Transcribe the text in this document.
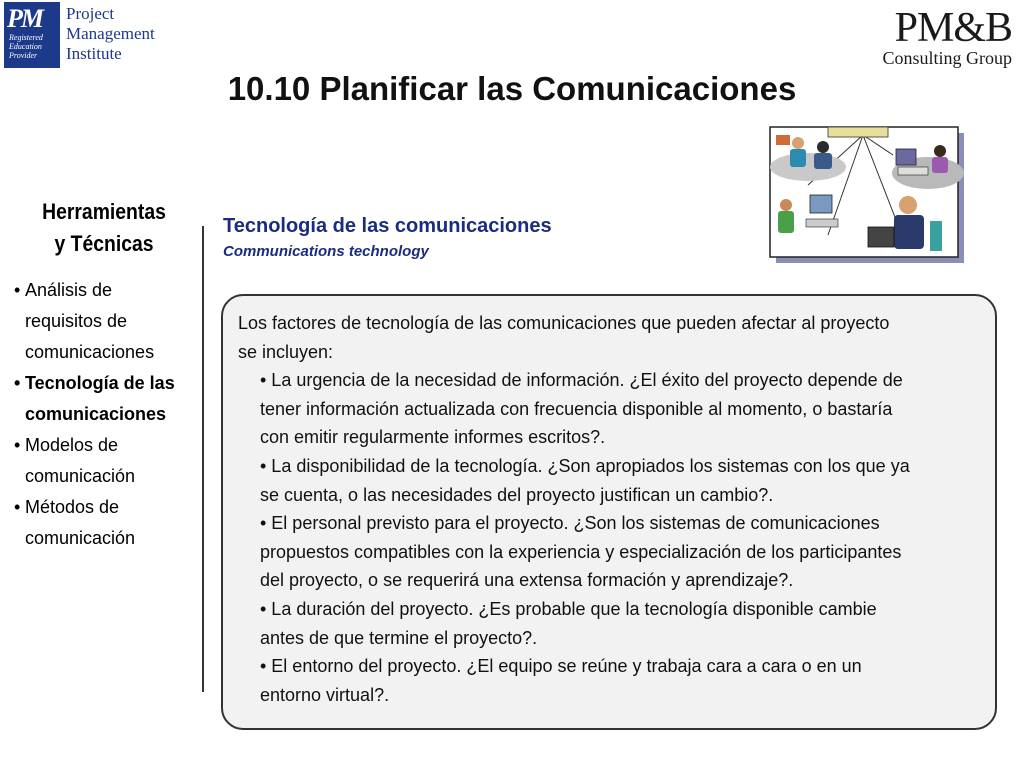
PM
Registered
Education
Provider
Project
Management
Institute
PM&B
Consulting Group
10.10 Planificar las Comunicaciones
Herramientas
y Técnicas
• Análisis de
requisitos de
comunicaciones
• Tecnología de las
comunicaciones
• Modelos de
comunicación
• Métodos de
comunicación
Tecnología de las comunicaciones
Communications technology
Los factores de tecnología de las comunicaciones que pueden afectar al proyecto
se incluyen:
• La urgencia de la necesidad de información. ¿El éxito del proyecto depende de
tener información actualizada con frecuencia disponible al momento, o bastaría
con emitir regularmente informes escritos?.
• La disponibilidad de la tecnología. ¿Son apropiados los sistemas con los que ya
se cuenta, o las necesidades del proyecto justifican un cambio?.
• El personal previsto para el proyecto. ¿Son los sistemas de comunicaciones
propuestos compatibles con la experiencia y especialización de los participantes
del proyecto, o se requerirá una extensa formación y aprendizaje?.
• La duración del proyecto. ¿Es probable que la tecnología disponible cambie
antes de que termine el proyecto?.
• El entorno del proyecto. ¿El equipo se reúne y trabaja cara a cara o en un
entorno virtual?.
